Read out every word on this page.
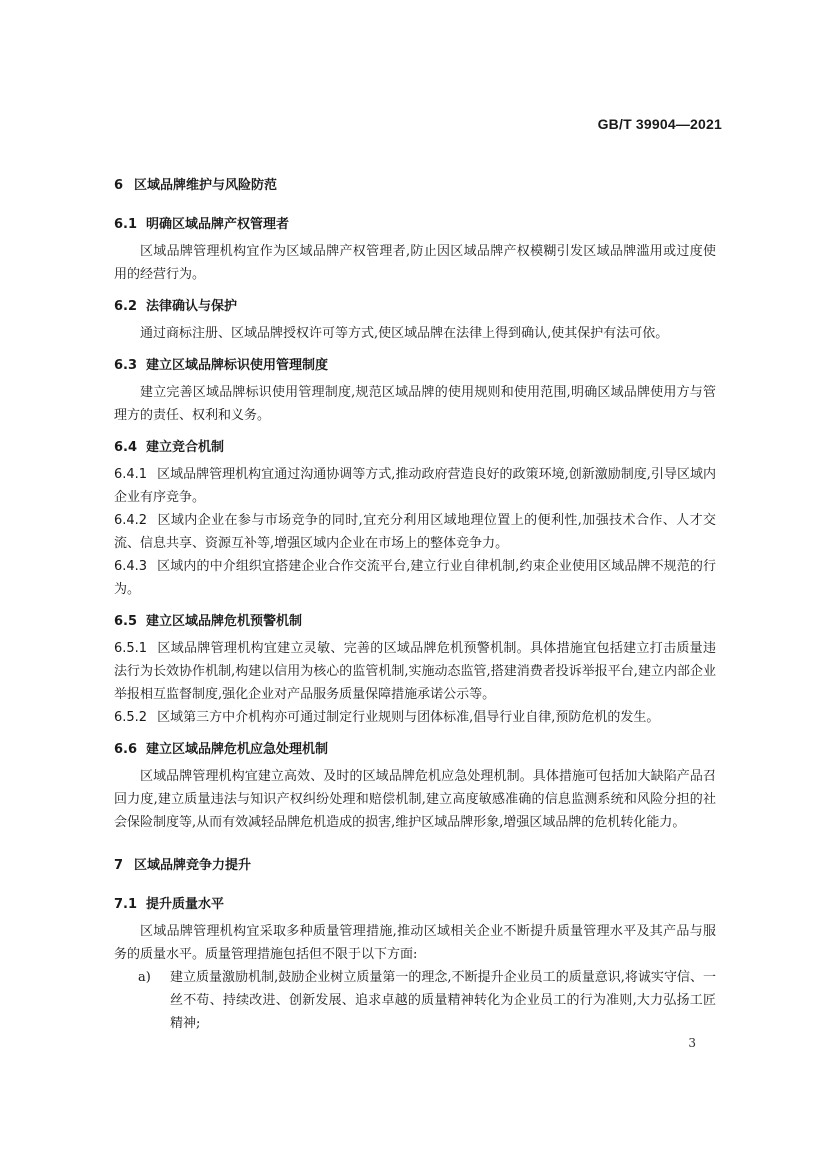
GB/T 39904—2021
6 区域品牌维护与风险防范
6.1 明确区域品牌产权管理者

区域品牌管理机构宜作为区域品牌产权管理者,防止因区域品牌产权模糊引发区域品牌滥用或过度使用的经营行为。

6.2 法律确认与保护

通过商标注册、区域品牌授权许可等方式,使区域品牌在法律上得到确认,使其保护有法可依。

6.3 建立区域品牌标识使用管理制度

建立完善区域品牌标识使用管理制度,规范区域品牌的使用规则和使用范围,明确区域品牌使用方与管理方的责任、权利和义务。

6.4 建立竞合机制

6.4.1 区域品牌管理机构宜通过沟通协调等方式,推动政府营造良好的政策环境,创新激励制度,引导区域内企业有序竞争。

6.4.2 区域内企业在参与市场竞争的同时,宜充分利用区域地理位置上的便利性,加强技术合作、人才交流、信息共享、资源互补等,增强区域内企业在市场上的整体竞争力。

6.4.3 区域内的中介组织宜搭建企业合作交流平台,建立行业自律机制,约束企业使用区域品牌不规范的行为。

6.5 建立区域品牌危机预警机制

6.5.1 区域品牌管理机构宜建立灵敏、完善的区域品牌危机预警机制。具体措施宜包括建立打击质量违法行为长效协作机制,构建以信用为核心的监管机制,实施动态监管,搭建消费者投诉举报平台,建立内部企业举报相互监督制度,强化企业对产品服务质量保障措施承诺公示等。

6.5.2 区域第三方中介机构亦可通过制定行业规则与团体标准,倡导行业自律,预防危机的发生。

6.6 建立区域品牌危机应急处理机制

区域品牌管理机构宜建立高效、及时的区域品牌危机应急处理机制。具体措施可包括加大缺陷产品召回力度,建立质量违法与知识产权纠纷处理和赔偿机制,建立高度敏感准确的信息监测系统和风险分担的社会保险制度等,从而有效减轻品牌危机造成的损害,维护区域品牌形象,增强区域品牌的危机转化能力。

7 区域品牌竞争力提升
7.1 提升质量水平

区域品牌管理机构宜采取多种质量管理措施,推动区域相关企业不断提升质量管理水平及其产品与服务的质量水平。质量管理措施包括但不限于以下方面:

a)	建立质量激励机制,鼓励企业树立质量第一的理念,不断提升企业员工的质量意识,将诚实守信、一丝不苟、持续改进、创新发展、追求卓越的质量精神转化为企业员工的行为准则,大力弘扬工匠精神;
3
